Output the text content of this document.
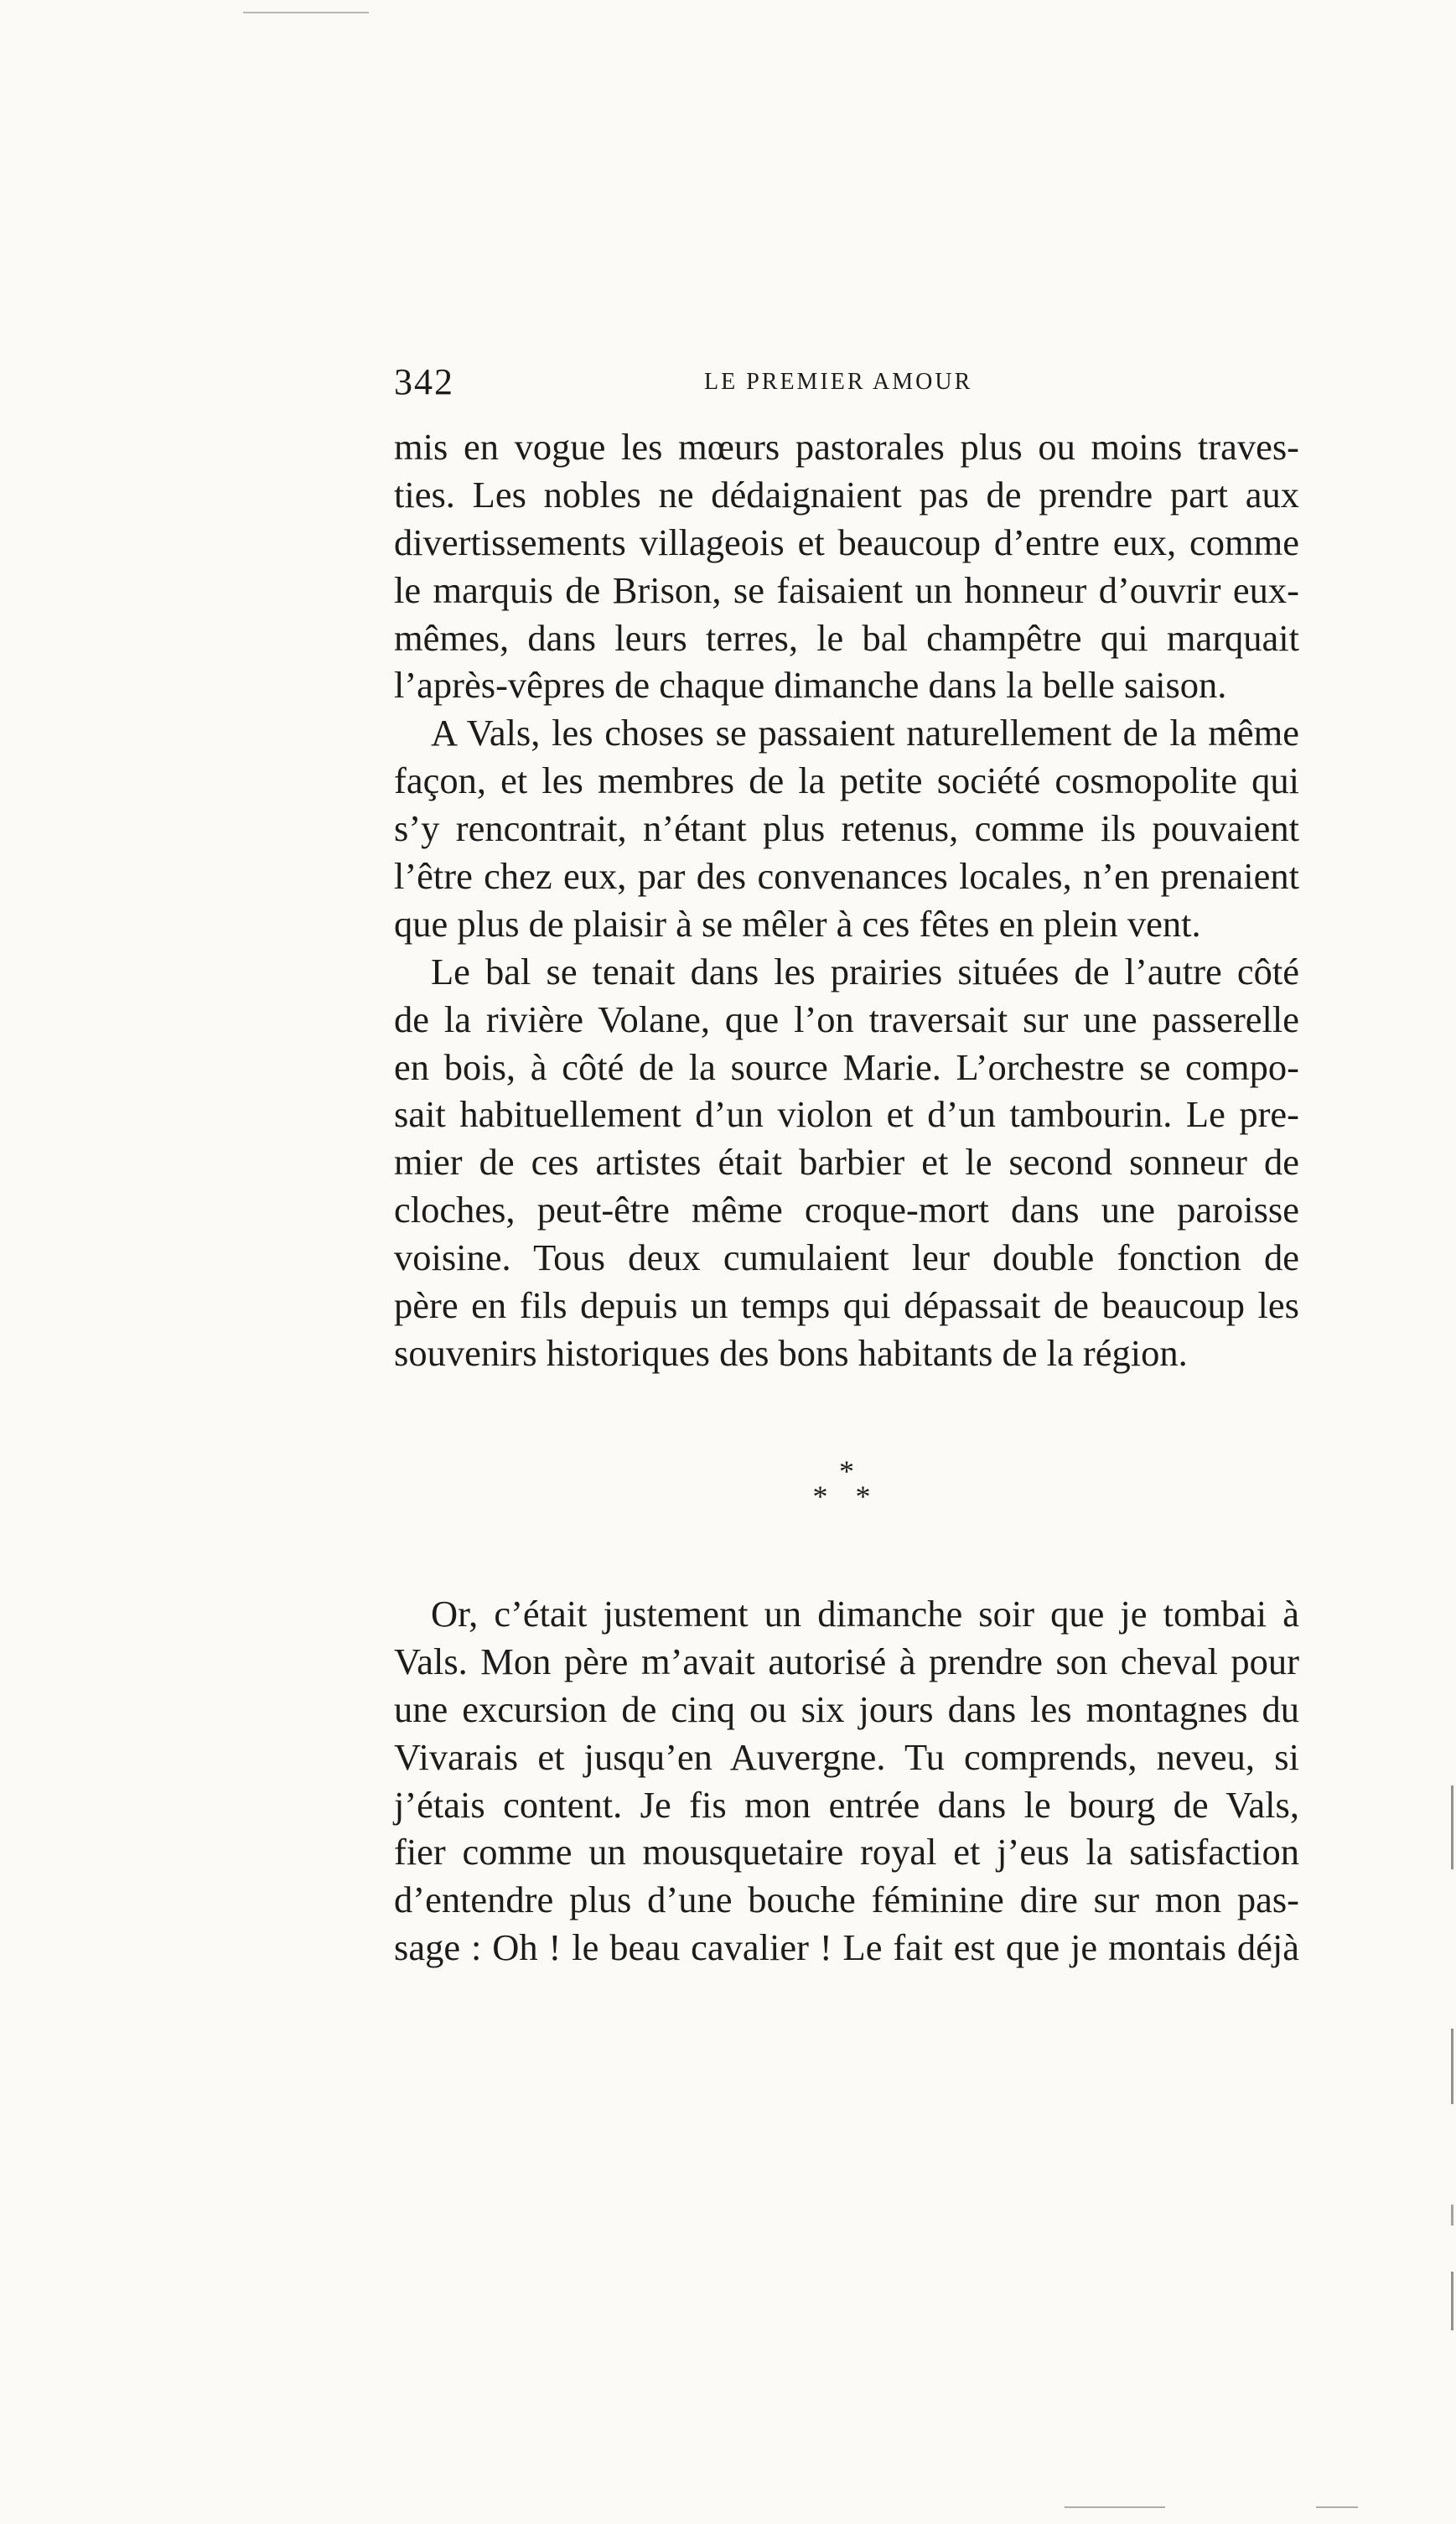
342	LE PREMIER AMOUR
mis en vogue les mœurs pastorales plus ou moins traves-
ties. Les nobles ne dédaignaient pas de prendre part aux
divertissements villageois et beaucoup d’entre eux, comme
le marquis de Brison, se faisaient un honneur d’ouvrir eux-
mêmes, dans leurs terres, le bal champêtre qui marquait
l’après-vêpres de chaque dimanche dans la belle saison.
A Vals, les choses se passaient naturellement de la même
façon, et les membres de la petite société cosmopolite qui
s’y rencontrait, n’étant plus retenus, comme ils pouvaient
l’être chez eux, par des convenances locales, n’en prenaient
que plus de plaisir à se mêler à ces fêtes en plein vent.
Le bal se tenait dans les prairies situées de l’autre côté
de la rivière Volane, que l’on traversait sur une passerelle
en bois, à côté de la source Marie. L’orchestre se compo-
sait habituellement d’un violon et d’un tambourin. Le pre-
mier de ces artistes était barbier et le second sonneur de
cloches, peut-être même croque-mort dans une paroisse
voisine. Tous deux cumulaient leur double fonction de
père en fils depuis un temps qui dépassait de beaucoup les
souvenirs historiques des bons habitants de la région.
*
* *
Or, c’était justement un dimanche soir que je tombai à
Vals. Mon père m’avait autorisé à prendre son cheval pour
une excursion de cinq ou six jours dans les montagnes du
Vivarais et jusqu’en Auvergne. Tu comprends, neveu, si
j’étais content. Je fis mon entrée dans le bourg de Vals,
fier comme un mousquetaire royal et j’eus la satisfaction
d’entendre plus d’une bouche féminine dire sur mon pas-
sage : Oh ! le beau cavalier ! Le fait est que je montais déjà
